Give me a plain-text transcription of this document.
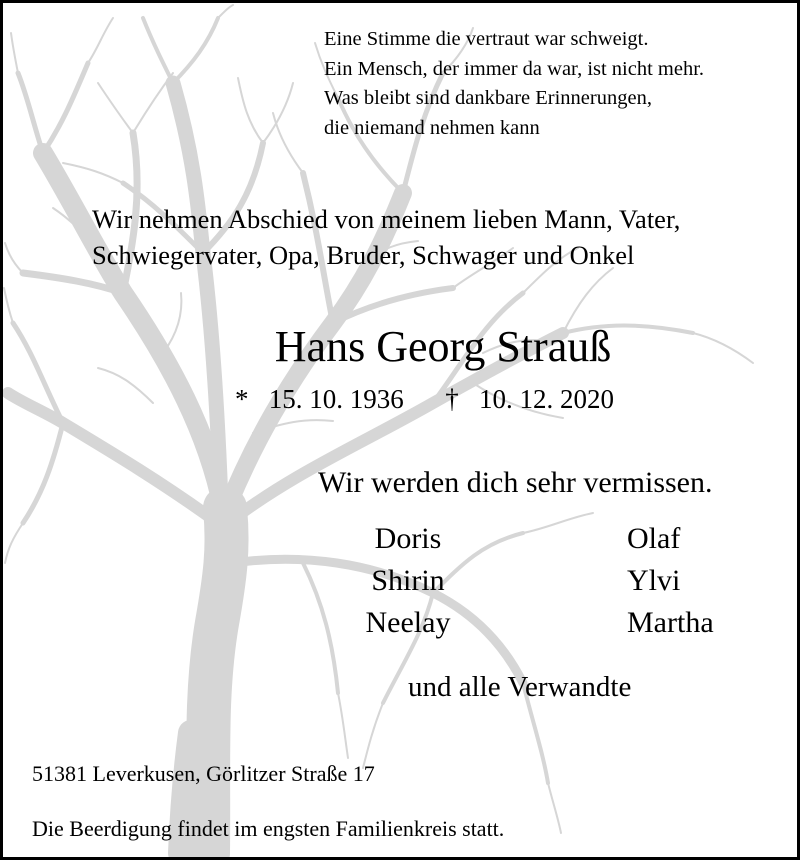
Eine Stimme die vertraut war schweigt.
Ein Mensch, der immer da war, ist nicht mehr.
Was bleibt sind dankbare Erinnerungen,
die niemand nehmen kann
Wir nehmen Abschied von meinem lieben Mann, Vater,
Schwiegervater, Opa, Bruder, Schwager und Onkel
Hans Georg Strauß
* 15. 10. 1936 † 10. 12. 2020
Wir werden dich sehr vermissen.
Doris
Shirin
Neelay
Olaf
Ylvi
Martha
und alle Verwandte
51381 Leverkusen, Görlitzer Straße 17
Die Beerdigung findet im engsten Familienkreis statt.
